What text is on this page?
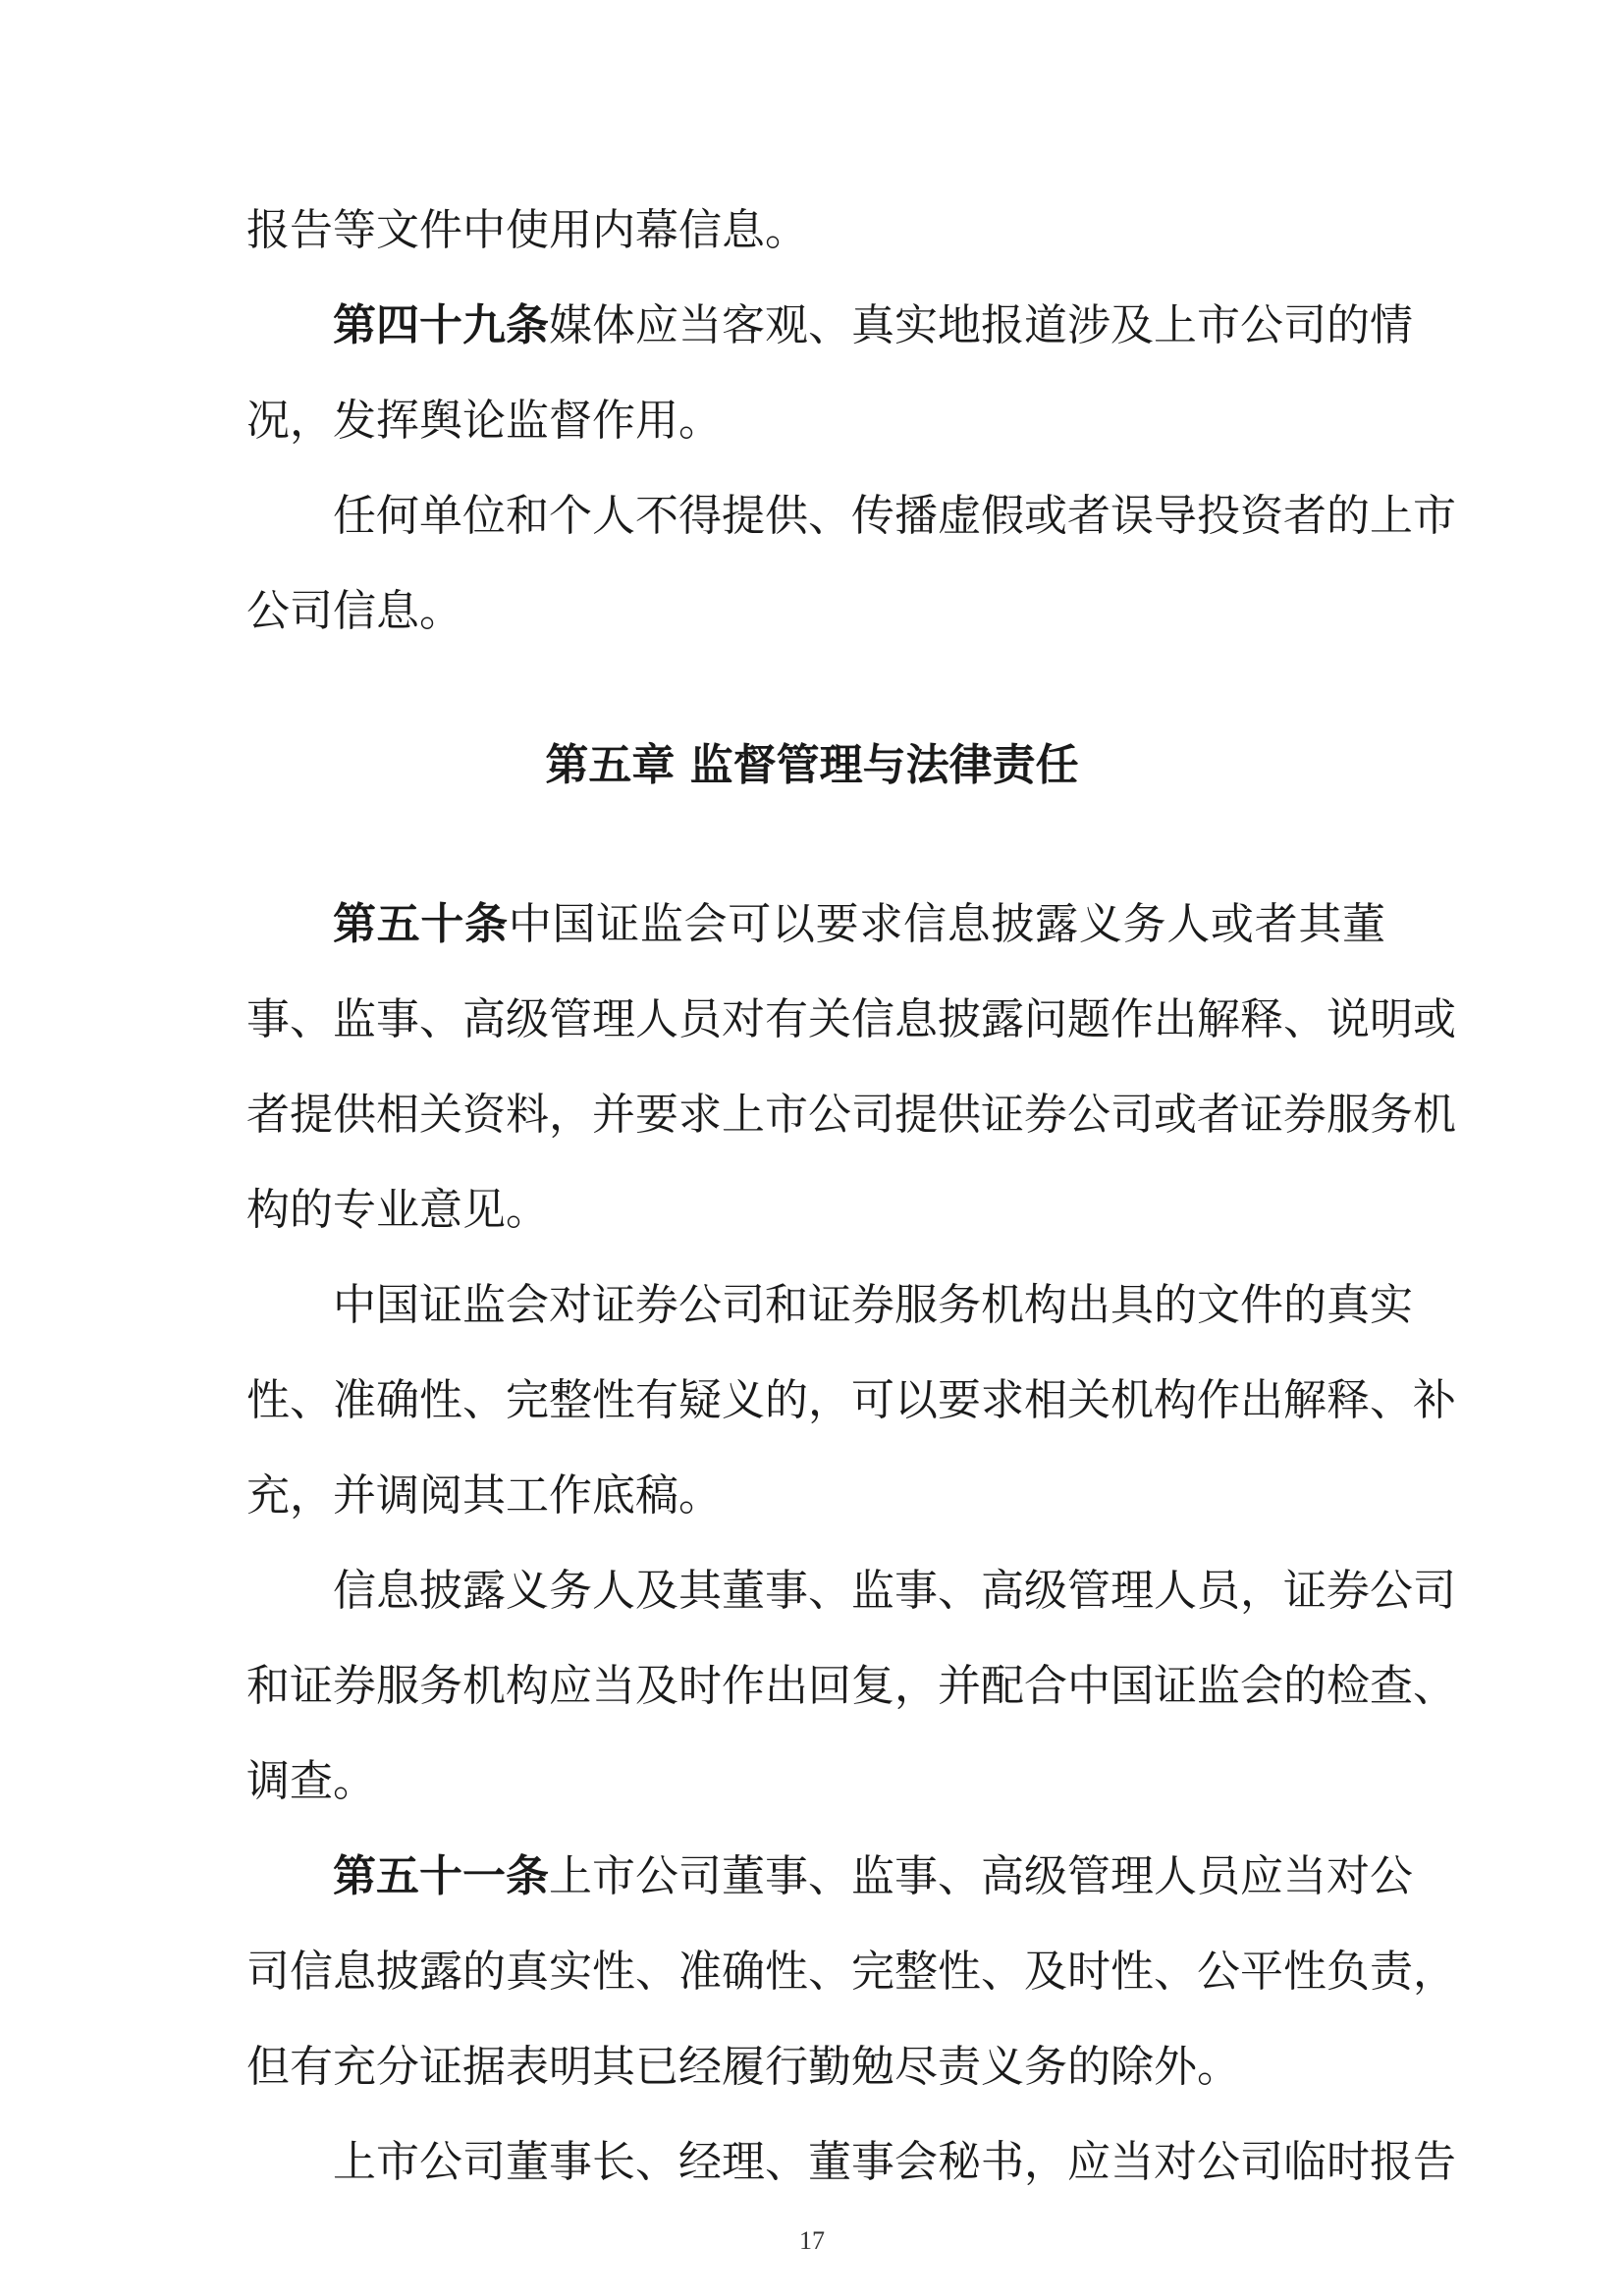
报告等文件中使用内幕信息。
第四十九条媒体应当客观、真实地报道涉及上市公司的情
况，发挥舆论监督作用。
任何单位和个人不得提供、传播虚假或者误导投资者的上市
公司信息。
第五章 监督管理与法律责任
第五十条中国证监会可以要求信息披露义务人或者其董
事、监事、高级管理人员对有关信息披露问题作出解释、说明或
者提供相关资料，并要求上市公司提供证券公司或者证券服务机
构的专业意见。
中国证监会对证券公司和证券服务机构出具的文件的真实
性、准确性、完整性有疑义的，可以要求相关机构作出解释、补
充，并调阅其工作底稿。
信息披露义务人及其董事、监事、高级管理人员，证券公司
和证券服务机构应当及时作出回复，并配合中国证监会的检查、
调查。
第五十一条上市公司董事、监事、高级管理人员应当对公
司信息披露的真实性、准确性、完整性、及时性、公平性负责，
但有充分证据表明其已经履行勤勉尽责义务的除外。
上市公司董事长、经理、董事会秘书，应当对公司临时报告
17
